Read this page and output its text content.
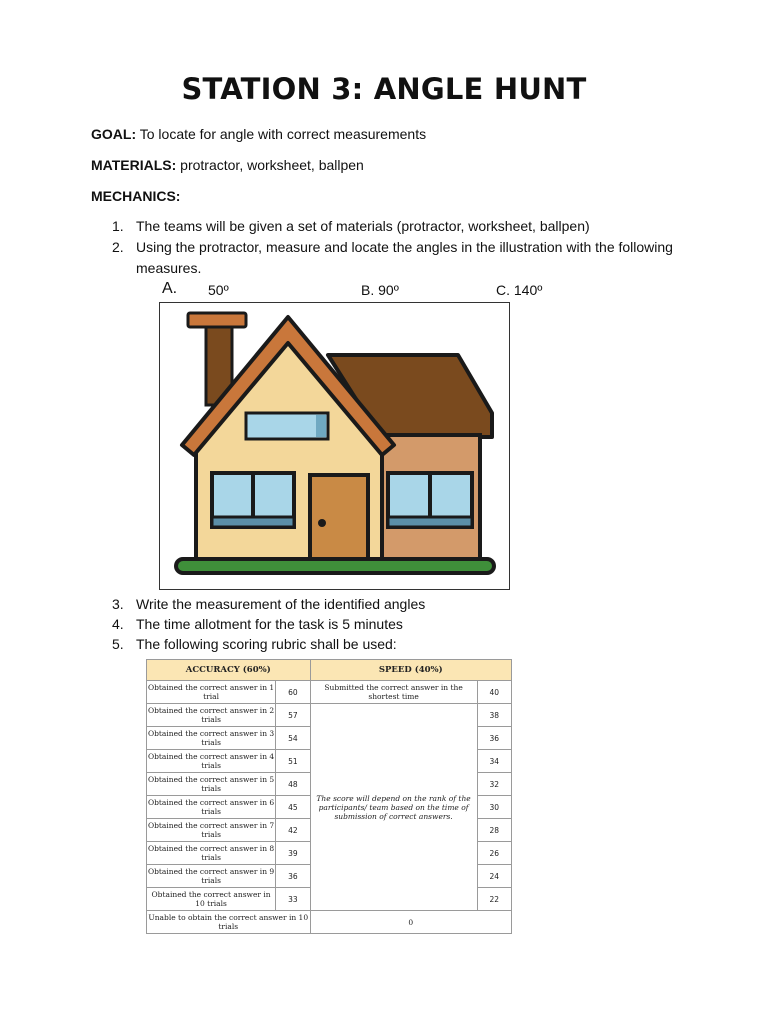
STATION 3: ANGLE HUNT
GOAL: To locate for angle with correct measurements
MATERIALS: protractor, worksheet, ballpen
MECHANICS:
1. The teams will be given a set of materials (protractor, worksheet, ballpen)
2. Using the protractor, measure and locate the angles in the illustration with the following
measures.
A. 50º	B. 90º	C. 140º
3. Write the measurement of the identified angles
4. The time allotment for the task is 5 minutes
5. The following scoring rubric shall be used:
ACCURACY (60%)		SPEED (40%)	
Obtained the correct answer in 1 trial	60	Submitted the correct answer in the shortest time	40
Obtained the correct answer in 2 trials	57	The score will depend on the rank of the participants/ team based on the time of submission of correct answers.	38
Obtained the correct answer in 3 trials	54		36
Obtained the correct answer in 4 trials	51		34
Obtained the correct answer in 5 trials	48		32
Obtained the correct answer in 6 trials	45		30
Obtained the correct answer in 7 trials	42		28
Obtained the correct answer in 8 trials	39		26
Obtained the correct answer in 9 trials	36		24
Obtained the correct answer in 10 trials	33		22
Unable to obtain the correct answer in 10 trials		0	
